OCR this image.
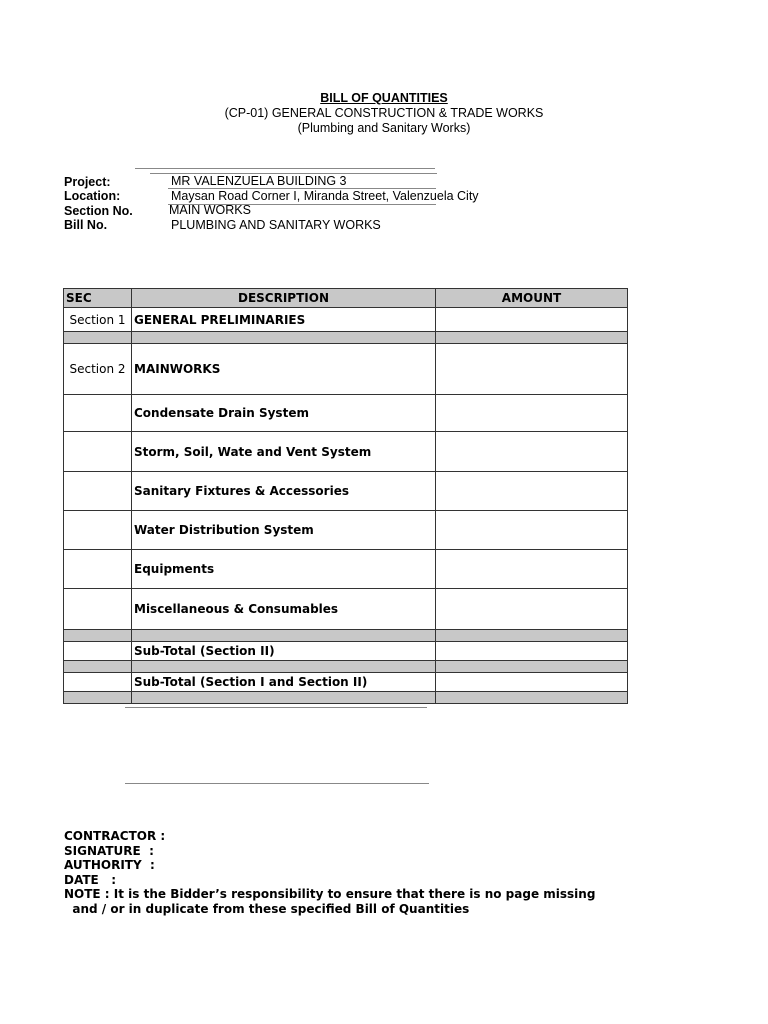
BILL OF QUANTITIES
(CP-01) GENERAL CONSTRUCTION & TRADE WORKS
(Plumbing and Sanitary Works)
Project:	MR VALENZUELA BUILDING 3
Location:	Maysan Road Corner I, Miranda Street, Valenzuela City
Section No.	MAIN WORKS
Bill No.	PLUMBING AND SANITARY WORKS
SEC	DESCRIPTION	AMOUNT
Section 1	GENERAL PRELIMINARIES	

Section 2	MAINWORKS	
	Condensate Drain System	
	Storm, Soil, Wate and Vent System	
	Sanitary Fixtures & Accessories	
	Water Distribution System	
	Equipments	
	Miscellaneous & Consumables	

	Sub-Total (Section II)	

	Sub-Total (Section I and Section II)	

CONTRACTOR :
SIGNATURE  :
AUTHORITY  :
DATE   :
NOTE : It is the Bidder’s responsibility to ensure that there is no page missing
and / or in duplicate from these specified Bill of Quantities
